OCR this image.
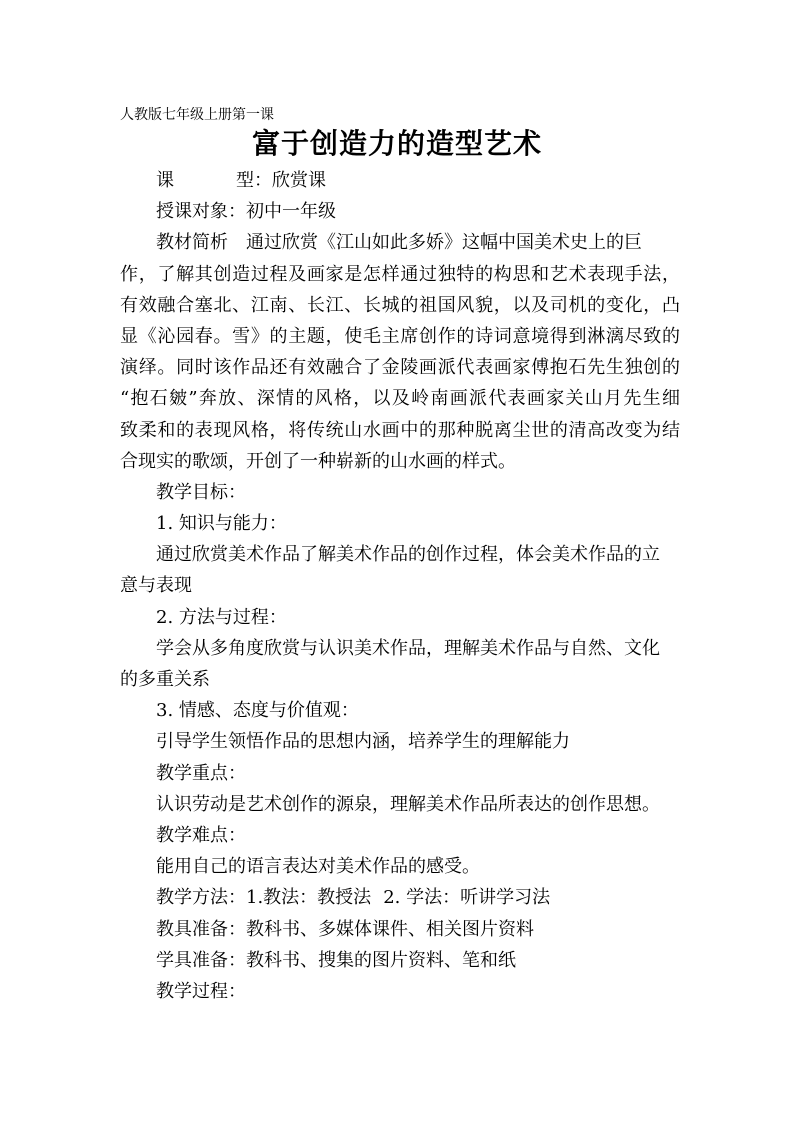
人教版七年级上册第一课
富于创造力的造型艺术
课	型：欣赏课
授课对象：初中一年级
教材简析 通过欣赏《江山如此多娇》这幅中国美术史上的巨
作，了解其创造过程及画家是怎样通过独特的构思和艺术表现手法，
有效融合塞北、江南、长江、长城的祖国风貌，以及司机的变化，凸
显《沁园春。雪》的主题，使毛主席创作的诗词意境得到淋漓尽致的
演绎。同时该作品还有效融合了金陵画派代表画家傅抱石先生独创的
“抱石皴”奔放、深情的风格，以及岭南画派代表画家关山月先生细
致柔和的表现风格，将传统山水画中的那种脱离尘世的清高改变为结
合现实的歌颂，开创了一种崭新的山水画的样式。
教学目标：
1. 知识与能力：
通过欣赏美术作品了解美术作品的创作过程，体会美术作品的立
意与表现
2. 方法与过程：
学会从多角度欣赏与认识美术作品，理解美术作品与自然、文化
的多重关系
3. 情感、态度与价值观：
引导学生领悟作品的思想内涵，培养学生的理解能力
教学重点：
认识劳动是艺术创作的源泉，理解美术作品所表达的创作思想。
教学难点：
能用自己的语言表达对美术作品的感受。
教学方法：1.教法：教授法 2. 学法：听讲学习法
教具准备：教科书、多媒体课件、相关图片资料
学具准备：教科书、搜集的图片资料、笔和纸
教学过程：
